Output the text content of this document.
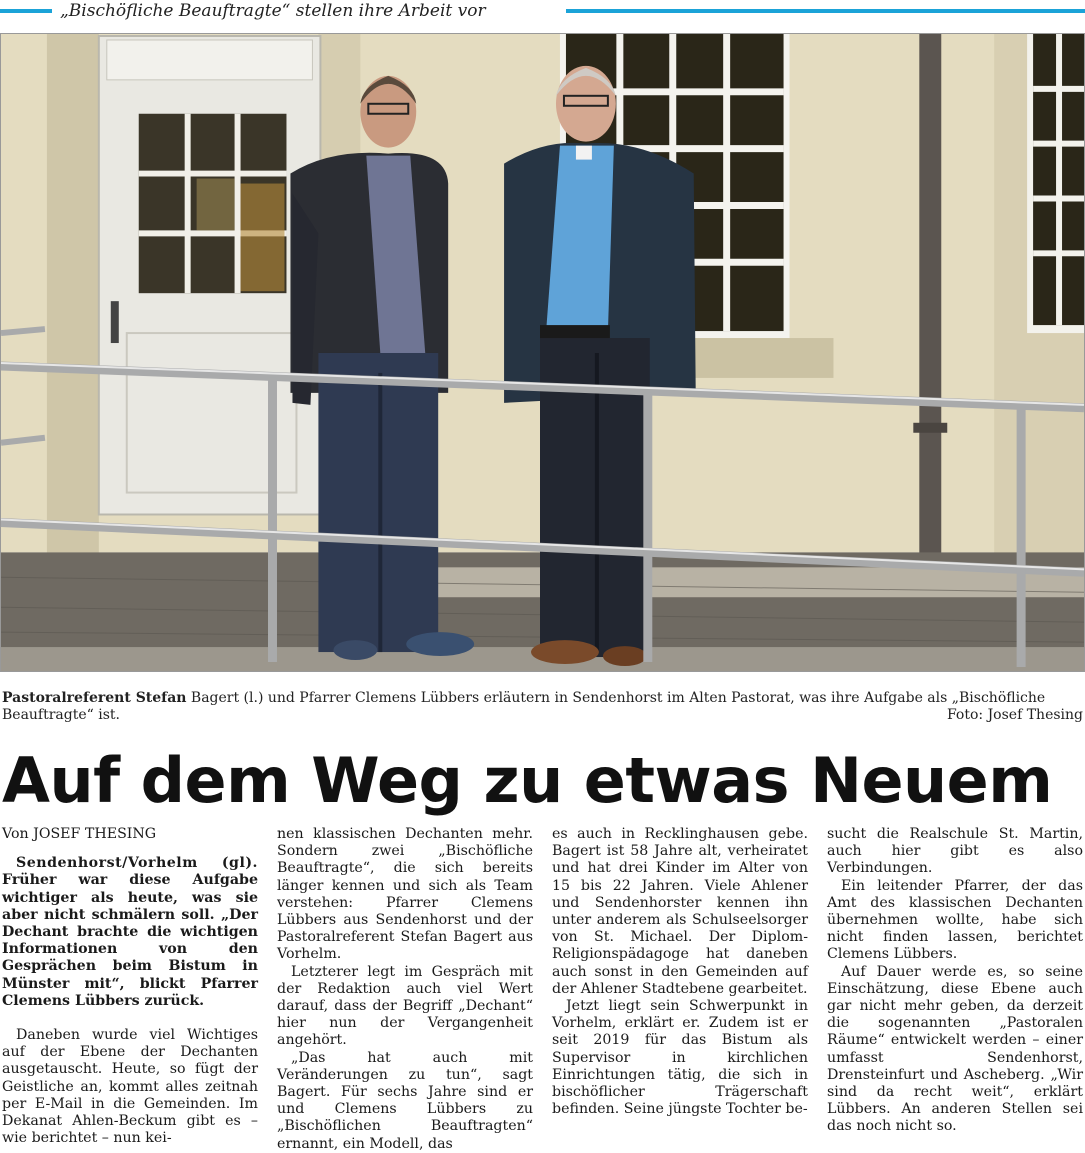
„Bischöfliche Beauftragte“ stellen ihre Arbeit vor
Pastoralreferent Stefan Bagert (l.) und Pfarrer Clemens Lübbers erläutern in Sendenhorst im Alten Pastorat, was ihre Aufgabe als „Bischöfliche Beauftragte“ ist.	Foto: Josef Thesing
Auf dem Weg zu etwas Neuem

Von JOSEF THESING

Sendenhorst/Vorhelm (gl). Früher war diese Aufgabe wichtiger als heute, was sie aber nicht schmälern soll. „Der Dechant brachte die wichtigen Informationen von den Gesprächen beim Bistum in Münster mit“, blickt Pfarrer Clemens Lübbers zurück.

Daneben wurde viel Wichtiges auf der Ebene der Dechanten ausgetauscht. Heute, so fügt der Geistliche an, kommt alles zeitnah per E-Mail in die Gemeinden. Im Dekanat Ahlen-Beckum gibt es – wie berichtet – nun kei-

nen klassischen Dechanten mehr. Sondern zwei „Bischöfliche Beauftragte“, die sich bereits länger kennen und sich als Team verstehen: Pfarrer Clemens Lübbers aus Sendenhorst und der Pastoralreferent Stefan Bagert aus Vorhelm.

Letzterer legt im Gespräch mit der Redaktion auch viel Wert darauf, dass der Begriff „Dechant“ hier nun der Vergangenheit angehört.

„Das hat auch mit Veränderungen zu tun“, sagt Bagert. Für sechs Jahre sind er und Clemens Lübbers zu „Bischöflichen Beauftragten“ ernannt, ein Modell, das

es auch in Recklinghausen gebe. Bagert ist 58 Jahre alt, verheiratet und hat drei Kinder im Alter von 15 bis 22 Jahren. Viele Ahlener und Sendenhorster kennen ihn unter anderem als Schulseelsorger von St. Michael. Der Diplom-Religionspädagoge hat daneben auch sonst in den Gemeinden auf der Ahlener Stadtebene gearbeitet.

Jetzt liegt sein Schwerpunkt in Vorhelm, erklärt er. Zudem ist er seit 2019 für das Bistum als Supervisor in kirchlichen Einrichtungen tätig, die sich in bischöflicher Trägerschaft befinden. Seine jüngste Tochter be-

sucht die Realschule St. Martin, auch hier gibt es also Verbindungen.

Ein leitender Pfarrer, der das Amt des klassischen Dechanten übernehmen wollte, habe sich nicht finden lassen, berichtet Clemens Lübbers.

Auf Dauer werde es, so seine Einschätzung, diese Ebene auch gar nicht mehr geben, da derzeit die sogenannten „Pastoralen Räume“ entwickelt werden – einer umfasst Sendenhorst, Drensteinfurt und Ascheberg. „Wir sind da recht weit“, erklärt Lübbers. An anderen Stellen sei das noch nicht so.
